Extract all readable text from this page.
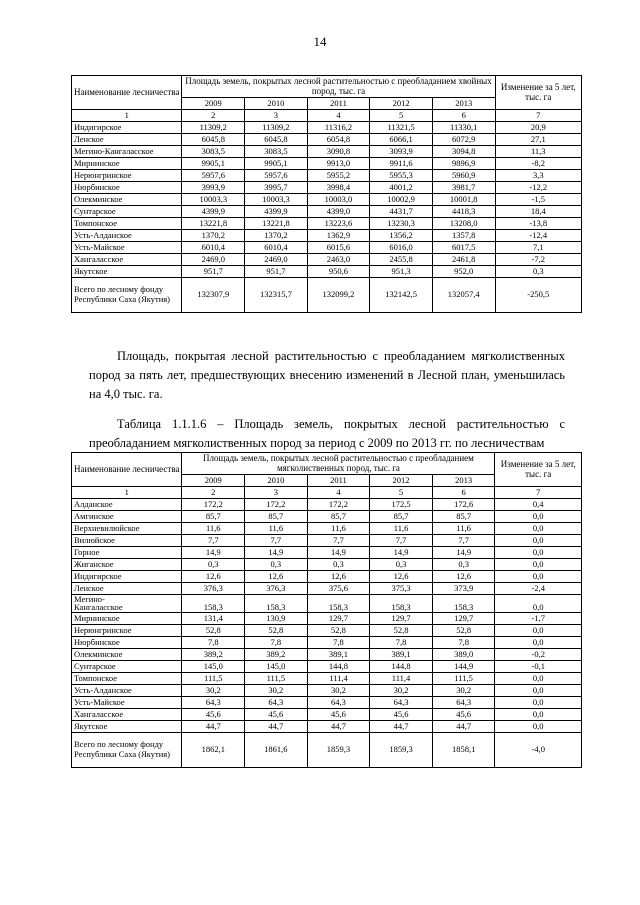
14
Наименование лесничества	Площадь земель, покрытых лесной растительностью с преобладанием хвойных пород, тыс. га					Изменение за 5 лет, тыс. га
	2009	2010	2011	2012	2013	
1	2	3	4	5	6	7
Индигирское	11309,2	11309,2	11316,2	11321,5	11330,1	20,9
Ленское	6045,8	6045,8	6054,8	6066,1	6072,9	27,1
Мегино-Кангаласское	3083,5	3083,5	3090,8	3093,9	3094,8	11,3
Мирнинское	9905,1	9905,1	9913,0	9911,6	9896,9	-8,2
Нерюнгринское	5957,6	5957,6	5955,2	5955,3	5960,9	3,3
Нюрбинское	3993,9	3995,7	3998,4	4001,2	3981,7	-12,2
Олекминское	10003,3	10003,3	10003,0	10002,9	10001,8	-1,5
Сунтарское	4399,9	4399,9	4399,0	4431,7	4418,3	18,4
Томпонское	13221,8	13221,8	13223,6	13230,3	13208,0	-13,8
Усть-Алданское	1370,2	1370,2	1362,9	1356,2	1357,8	-12,4
Усть-Майское	6010,4	6010,4	6015,6	6016,0	6017,5	7,1
Хангаласское	2469,0	2469,0	2463,0	2455,8	2461,8	-7,2
Якутское	951,7	951,7	950,6	951,3	952,0	0,3
Всего по лесному фонду Республики Саха (Якутия)	132307,9	132315,7	132099,2	132142,5	132057,4	-250,5

Площадь, покрытая лесной растительностью с преобладанием мягколиственных пород за пять лет, предшествующих внесению изменений в Лесной план, уменьшилась на 4,0 тыс. га.

Таблица 1.1.1.6 – Площадь земель, покрытых лесной растительностью с преобладанием мягколиственных пород за период с 2009 по 2013 гг. по лесничествам

Наименование лесничества	Площадь земель, покрытых лесной растительностью с преобладанием мягколиственных пород, тыс. га					Изменение за 5 лет, тыс. га
	2009	2010	2011	2012	2013	
1	2	3	4	5	6	7
Алданское	172,2	172,2	172,2	172,5	172,6	0,4
Амгинское	85,7	85,7	85,7	85,7	85,7	0,0
Верхневилюйское	11,6	11,6	11,6	11,6	11,6	0,0
Вилюйское	7,7	7,7	7,7	7,7	7,7	0,0
Горное	14,9	14,9	14,9	14,9	14,9	0,0
Жиганское	0,3	0,3	0,3	0,3	0,3	0,0
Индигирское	12,6	12,6	12,6	12,6	12,6	0,0
Ленское	376,3	376,3	375,6	375,3	373,9	-2,4

Мегино-
Кангаласское	158,3	158,3	158,3	158,3	158,3	0,0
Мирнинское	131,4	130,9	129,7	129,7	129,7	-1,7
Нерюнгринское	52,8	52,8	52,8	52,8	52,8	0,0
Нюрбинское	7,8	7,8	7,8	7,8	7,8	0,0
Олекминское	389,2	389,2	389,1	389,1	389,0	-0,2
Сунтарское	145,0	145,0	144,8	144,8	144,9	-0,1
Томпонское	111,5	111,5	111,4	111,4	111,5	0,0
Усть-Алданское	30,2	30,2	30,2	30,2	30,2	0,0
Усть-Майское	64,3	64,3	64,3	64,3	64,3	0,0
Хангаласское	45,6	45,6	45,6	45,6	45,6	0,0
Якутское	44,7	44,7	44,7	44,7	44,7	0,0
Всего по лесному фонду Республики Саха (Якутия)	1862,1	1861,6	1859,3	1859,3	1858,1	-4,0
